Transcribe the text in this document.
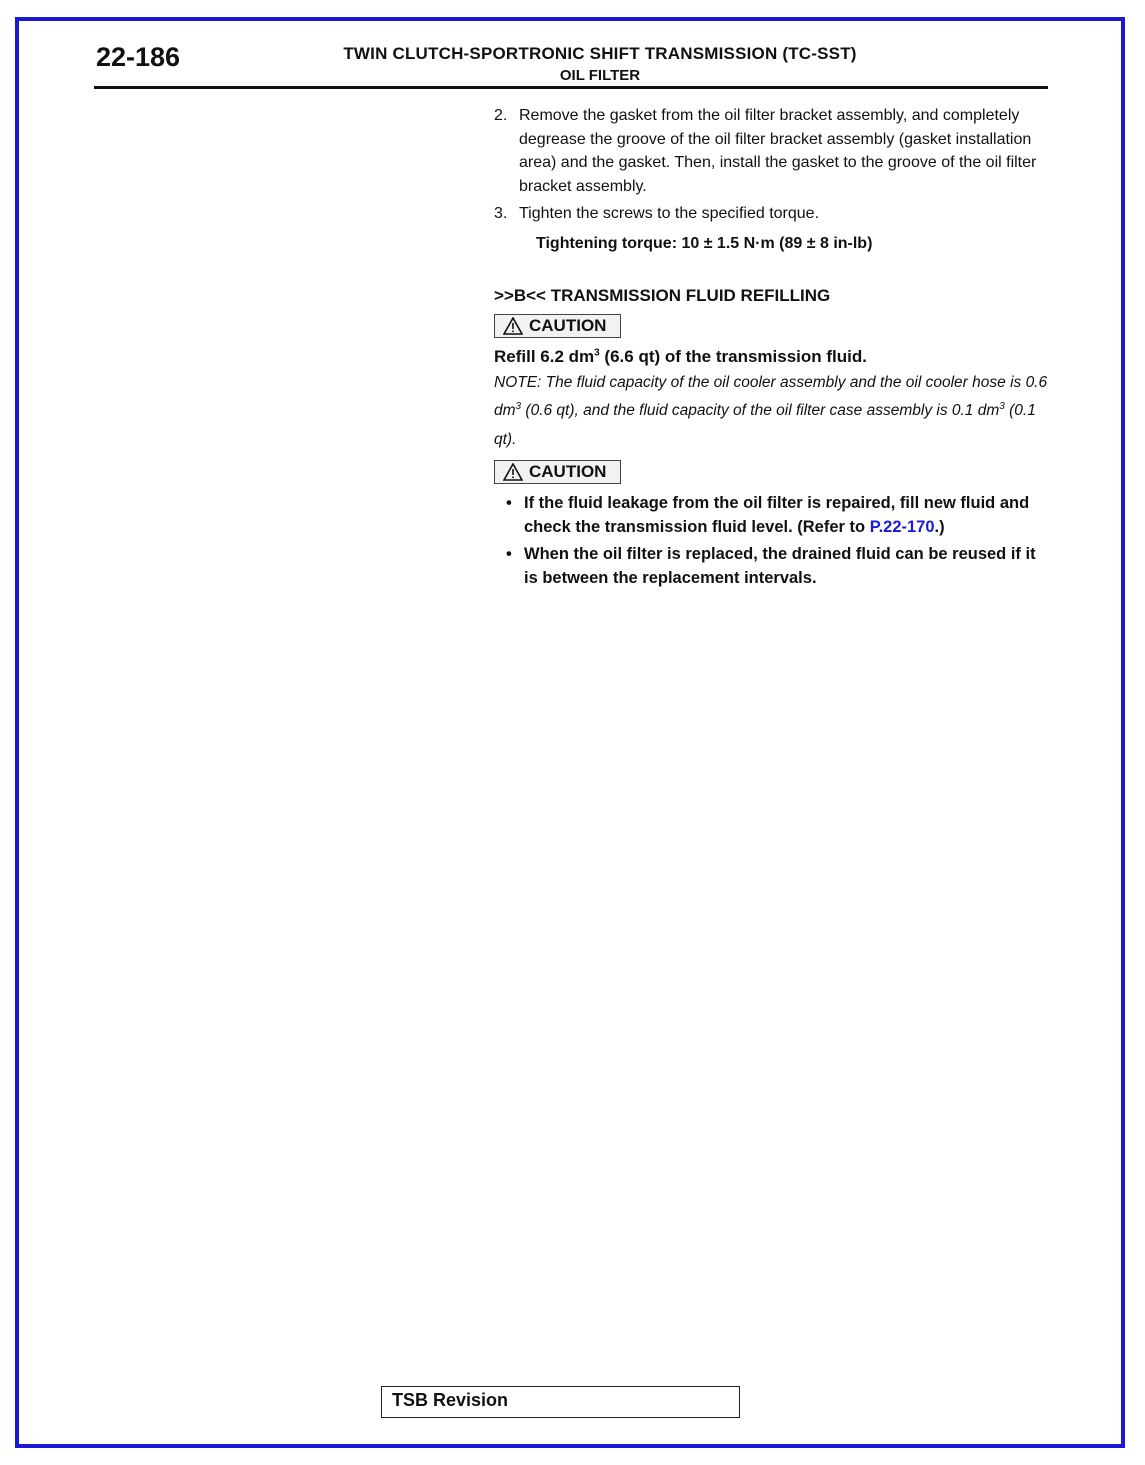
22-186	TWIN CLUTCH-SPORTRONIC SHIFT TRANSMISSION (TC-SST)
OIL FILTER
2. Remove the gasket from the oil filter bracket assembly, and completely degrease the groove of the oil filter bracket assembly (gasket installation area) and the gasket. Then, install the gasket to the groove of the oil filter bracket assembly.
3. Tighten the screws to the specified torque.
Tightening torque: 10 ± 1.5 N·m (89 ± 8 in-lb)
>>B<< TRANSMISSION FLUID REFILLING
CAUTION
Refill 6.2 $dm^3$ (6.6 qt) of the transmission fluid.
NOTE: The fluid capacity of the oil cooler assembly and the oil cooler hose is 0.6 $dm^3$ (0.6 qt), and the fluid capacity of the oil filter case assembly is 0.1 $dm^3$ (0.1 qt).
CAUTION
• If the fluid leakage from the oil filter is repaired, fill new fluid and check the transmission fluid level. (Refer to P.22-170.)
• When the oil filter is replaced, the drained fluid can be reused if it is between the replacement intervals.
TSB Revision
